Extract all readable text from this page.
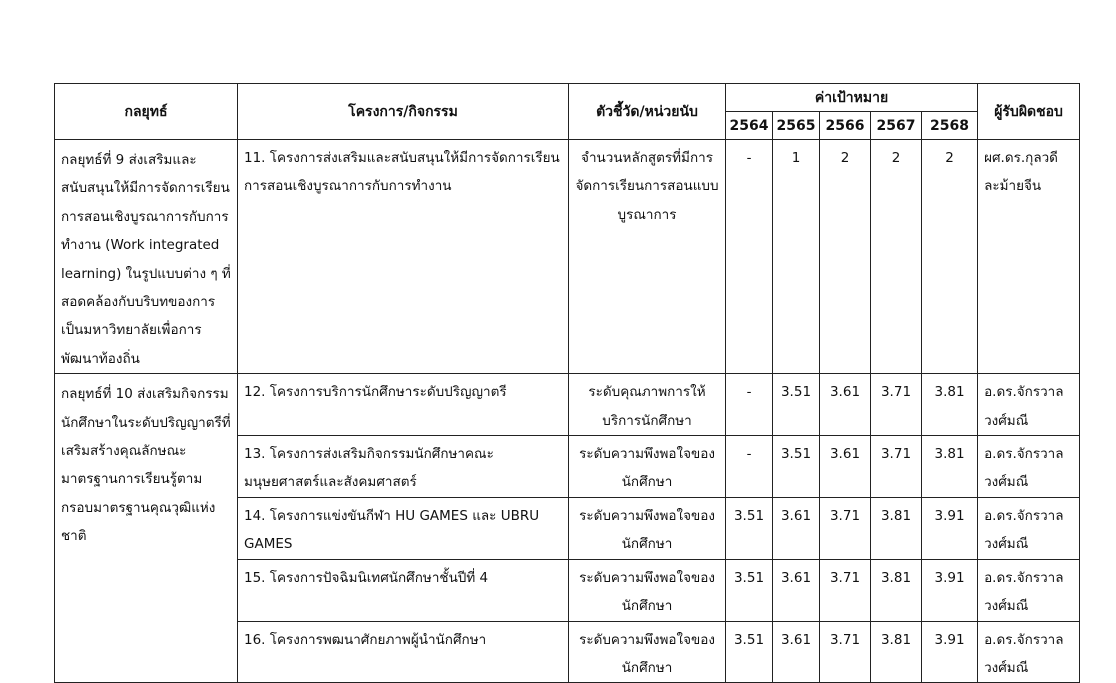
กลยุทธ์	โครงการ/กิจกรรม	ตัวชี้วัด/หน่วยนับ	ค่าเป้าหมาย					ผู้รับผิดชอบ
			2564	2565	2566	2567	2568	
กลยุทธ์ที่ 9 ส่งเสริมและสนับสนุนให้มีการจัดการเรียนการสอนเชิงบูรณาการกับการทำงาน (Work integrated learning) ในรูปแบบต่าง ๆ ที่สอดคล้องกับบริบทของการเป็นมหาวิทยาลัยเพื่อการพัฒนาท้องถิ่น	11. โครงการส่งเสริมและสนับสนุนให้มีการจัดการเรียนการสอนเชิงบูรณาการกับการทำงาน	จำนวนหลักสูตรที่มีการจัดการเรียนการสอนแบบบูรณาการ	-	1	2	2	2	ผศ.ดร.กุลวดี ละม้ายจีน
กลยุทธ์ที่ 10 ส่งเสริมกิจกรรมนักศึกษาในระดับปริญญาตรีที่เสริมสร้างคุณลักษณะมาตรฐานการเรียนรู้ตามกรอบมาตรฐานคุณวุฒิแห่งชาติ	12. โครงการบริการนักศึกษาระดับปริญญาตรี	ระดับคุณภาพการให้บริการนักศึกษา	-	3.51	3.61	3.71	3.81	อ.ดร.จักรวาล วงศ์มณี
	13. โครงการส่งเสริมกิจกรรมนักศึกษาคณะมนุษยศาสตร์และสังคมศาสตร์	ระดับความพึงพอใจของนักศึกษา	-	3.51	3.61	3.71	3.81	อ.ดร.จักรวาล วงศ์มณี
	14. โครงการแข่งขันกีฬา HU GAMES และ UBRU GAMES	ระดับความพึงพอใจของนักศึกษา	3.51	3.61	3.71	3.81	3.91	อ.ดร.จักรวาล วงศ์มณี
	15. โครงการปัจฉิมนิเทศนักศึกษาชั้นปีที่ 4	ระดับความพึงพอใจของนักศึกษา	3.51	3.61	3.71	3.81	3.91	อ.ดร.จักรวาล วงศ์มณี
	16. โครงการพฒนาศักยภาพผู้นำนักศึกษา	ระดับความพึงพอใจของนักศึกษา	3.51	3.61	3.71	3.81	3.91	อ.ดร.จักรวาล วงศ์มณี
